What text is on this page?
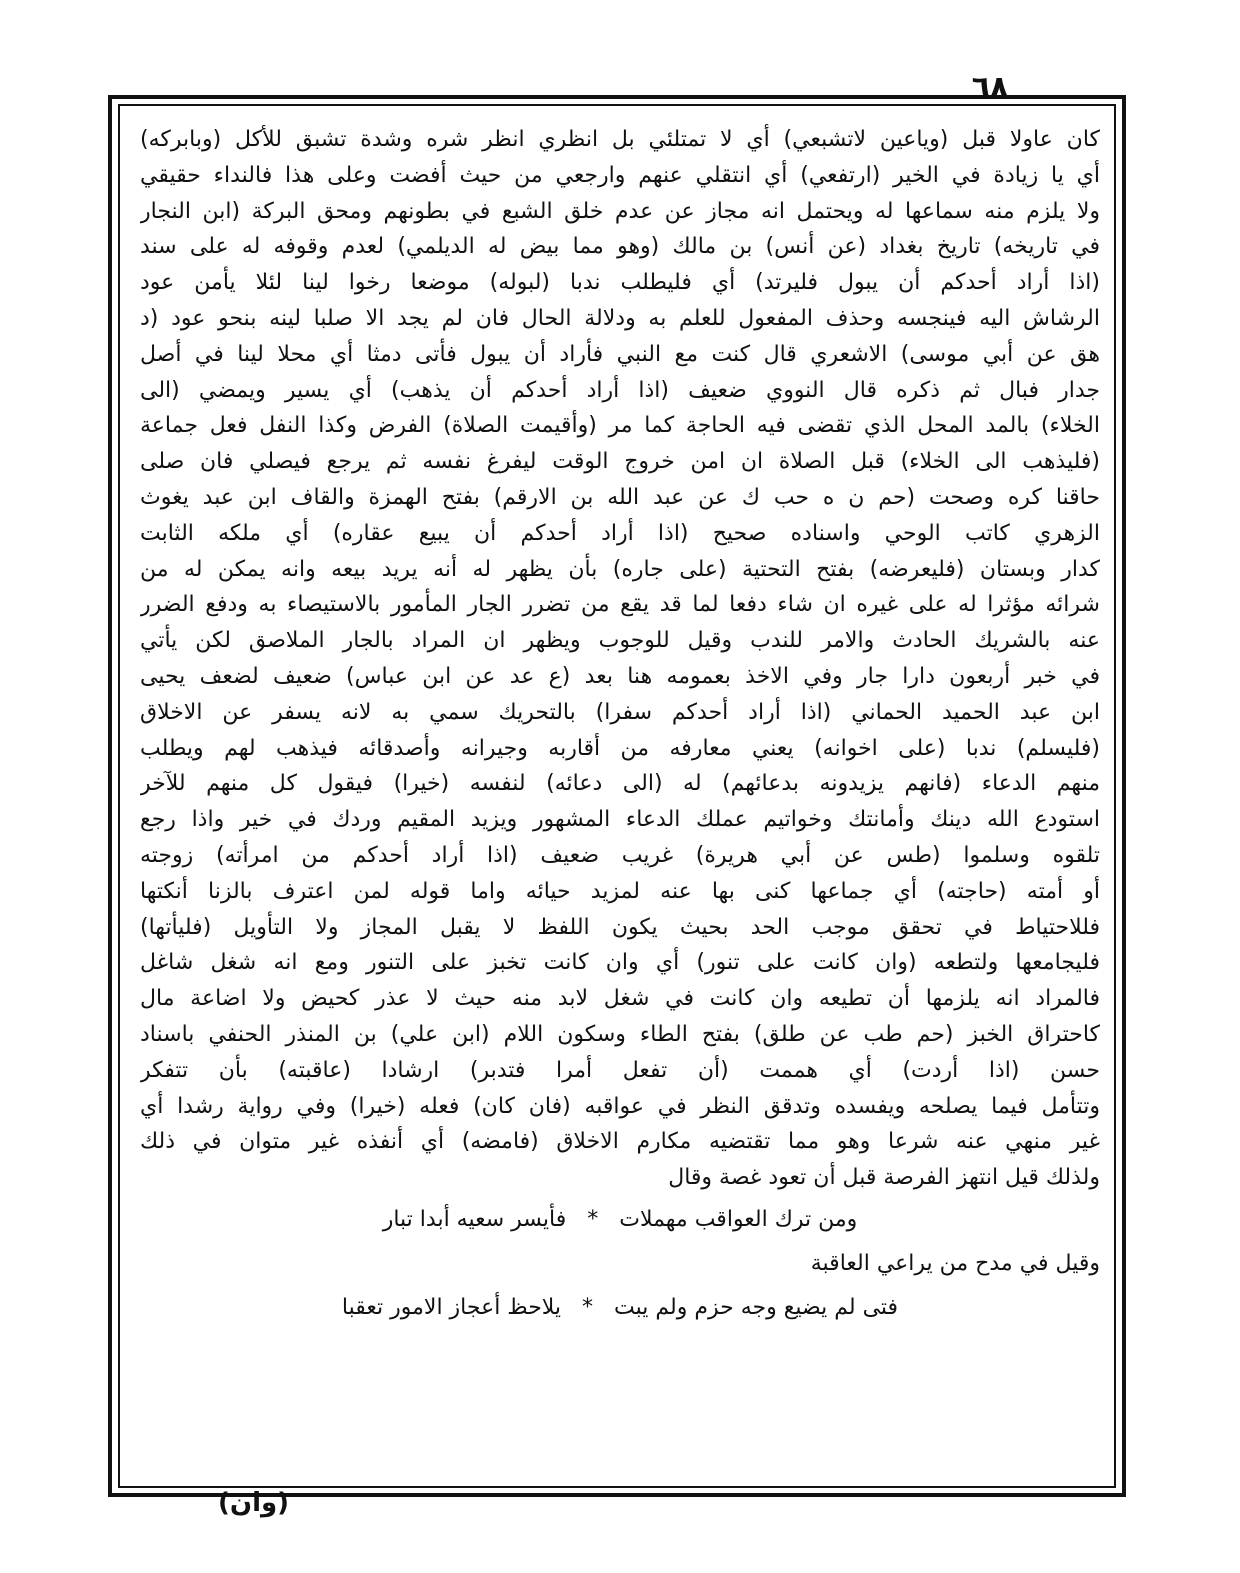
٦٨
كان عاولا قبل (وياعين لاتشبعي) أي لا تمتلئي بل انظري انظر شره وشدة تشبق للأكل (وبابركه)
أي يا زيادة في الخير (ارتفعي) أي انتقلي عنهم وارجعي من حيث أفضت وعلى هذا فالنداء حقيقي
ولا يلزم منه سماعها له ويحتمل انه مجاز عن عدم خلق الشبع في بطونهم ومحق البركة (ابن النجار
في تاريخه) تاريخ بغداد (عن أنس) بن مالك (وهو مما بيض له الديلمي) لعدم وقوفه له على سند
(اذا أراد أحدكم أن يبول فليرتد) أي فليطلب ندبا (لبوله) موضعا رخوا لينا لئلا يأمن عود
الرشاش اليه فينجسه وحذف المفعول للعلم به ودلالة الحال فان لم يجد الا صلبا لينه بنحو عود (د
هق عن أبي موسى) الاشعري قال كنت مع النبي فأراد أن يبول فأتى دمثا أي محلا لينا في أصل
جدار فبال ثم ذكره قال النووي ضعيف (اذا أراد أحدكم أن يذهب) أي يسير ويمضي (الى
الخلاء) بالمد المحل الذي تقضى فيه الحاجة كما مر (وأقيمت الصلاة) الفرض وكذا النفل فعل جماعة
(فليذهب الى الخلاء) قبل الصلاة ان امن خروج الوقت ليفرغ نفسه ثم يرجع فيصلي فان صلى
حاقنا كره وصحت (حم ن ه حب ك عن عبد الله بن الارقم) بفتح الهمزة والقاف ابن عبد يغوث
الزهري كاتب الوحي واسناده صحيح (اذا أراد أحدكم أن يبيع عقاره) أي ملكه الثابت
كدار وبستان (فليعرضه) بفتح التحتية (على جاره) بأن يظهر له أنه يريد بيعه وانه يمكن له من
شرائه مؤثرا له على غيره ان شاء دفعا لما قد يقع من تضرر الجار المأمور بالاستيصاء به ودفع الضرر
عنه بالشريك الحادث والامر للندب وقيل للوجوب ويظهر ان المراد بالجار الملاصق لكن يأتي
في خبر أربعون دارا جار وفي الاخذ بعمومه هنا بعد (ع عد عن ابن عباس) ضعيف لضعف يحيى
ابن عبد الحميد الحماني (اذا أراد أحدكم سفرا) بالتحريك سمي به لانه يسفر عن الاخلاق
(فليسلم) ندبا (على اخوانه) يعني معارفه من أقاربه وجيرانه وأصدقائه فيذهب لهم ويطلب
منهم الدعاء (فانهم يزيدونه بدعائهم) له (الى دعائه) لنفسه (خيرا) فيقول كل منهم للآخر
استودع الله دينك وأمانتك وخواتيم عملك الدعاء المشهور ويزيد المقيم وردك في خير واذا رجع
تلقوه وسلموا (طس عن أبي هريرة) غريب ضعيف (اذا أراد أحدكم من امرأته) زوجته
أو أمته (حاجته) أي جماعها كنى بها عنه لمزيد حيائه واما قوله لمن اعترف بالزنا أنكتها
فللاحتياط في تحقق موجب الحد بحيث يكون اللفظ لا يقبل المجاز ولا التأويل (فليأتها)
فليجامعها ولتطعه (وان كانت على تنور) أي وان كانت تخبز على التنور ومع انه شغل شاغل
فالمراد انه يلزمها أن تطيعه وان كانت في شغل لابد منه حيث لا عذر كحيض ولا اضاعة مال
كاحتراق الخبز (حم طب عن طلق) بفتح الطاء وسكون اللام (ابن علي) بن المنذر الحنفي باسناد
حسن (اذا أردت) أي هممت (أن تفعل أمرا فتدبر) ارشادا (عاقبته) بأن تتفكر
وتتأمل فيما يصلحه ويفسده وتدقق النظر في عواقبه (فان كان) فعله (خيرا) وفي رواية رشدا أي
غير منهي عنه شرعا وهو مما تقتضيه مكارم الاخلاق (فامضه) أي أنفذه غير متوان في ذلك
ولذلك قيل انتهز الفرصة قبل أن تعود غصة وقال
ومن ترك العواقب مهملات   *   فأيسر سعيه أبدا تبار
وقيل في مدح من يراعي العاقبة
فتى لم يضيع وجه حزم ولم يبت   *   يلاحظ أعجاز الامور تعقبا
(وان)
